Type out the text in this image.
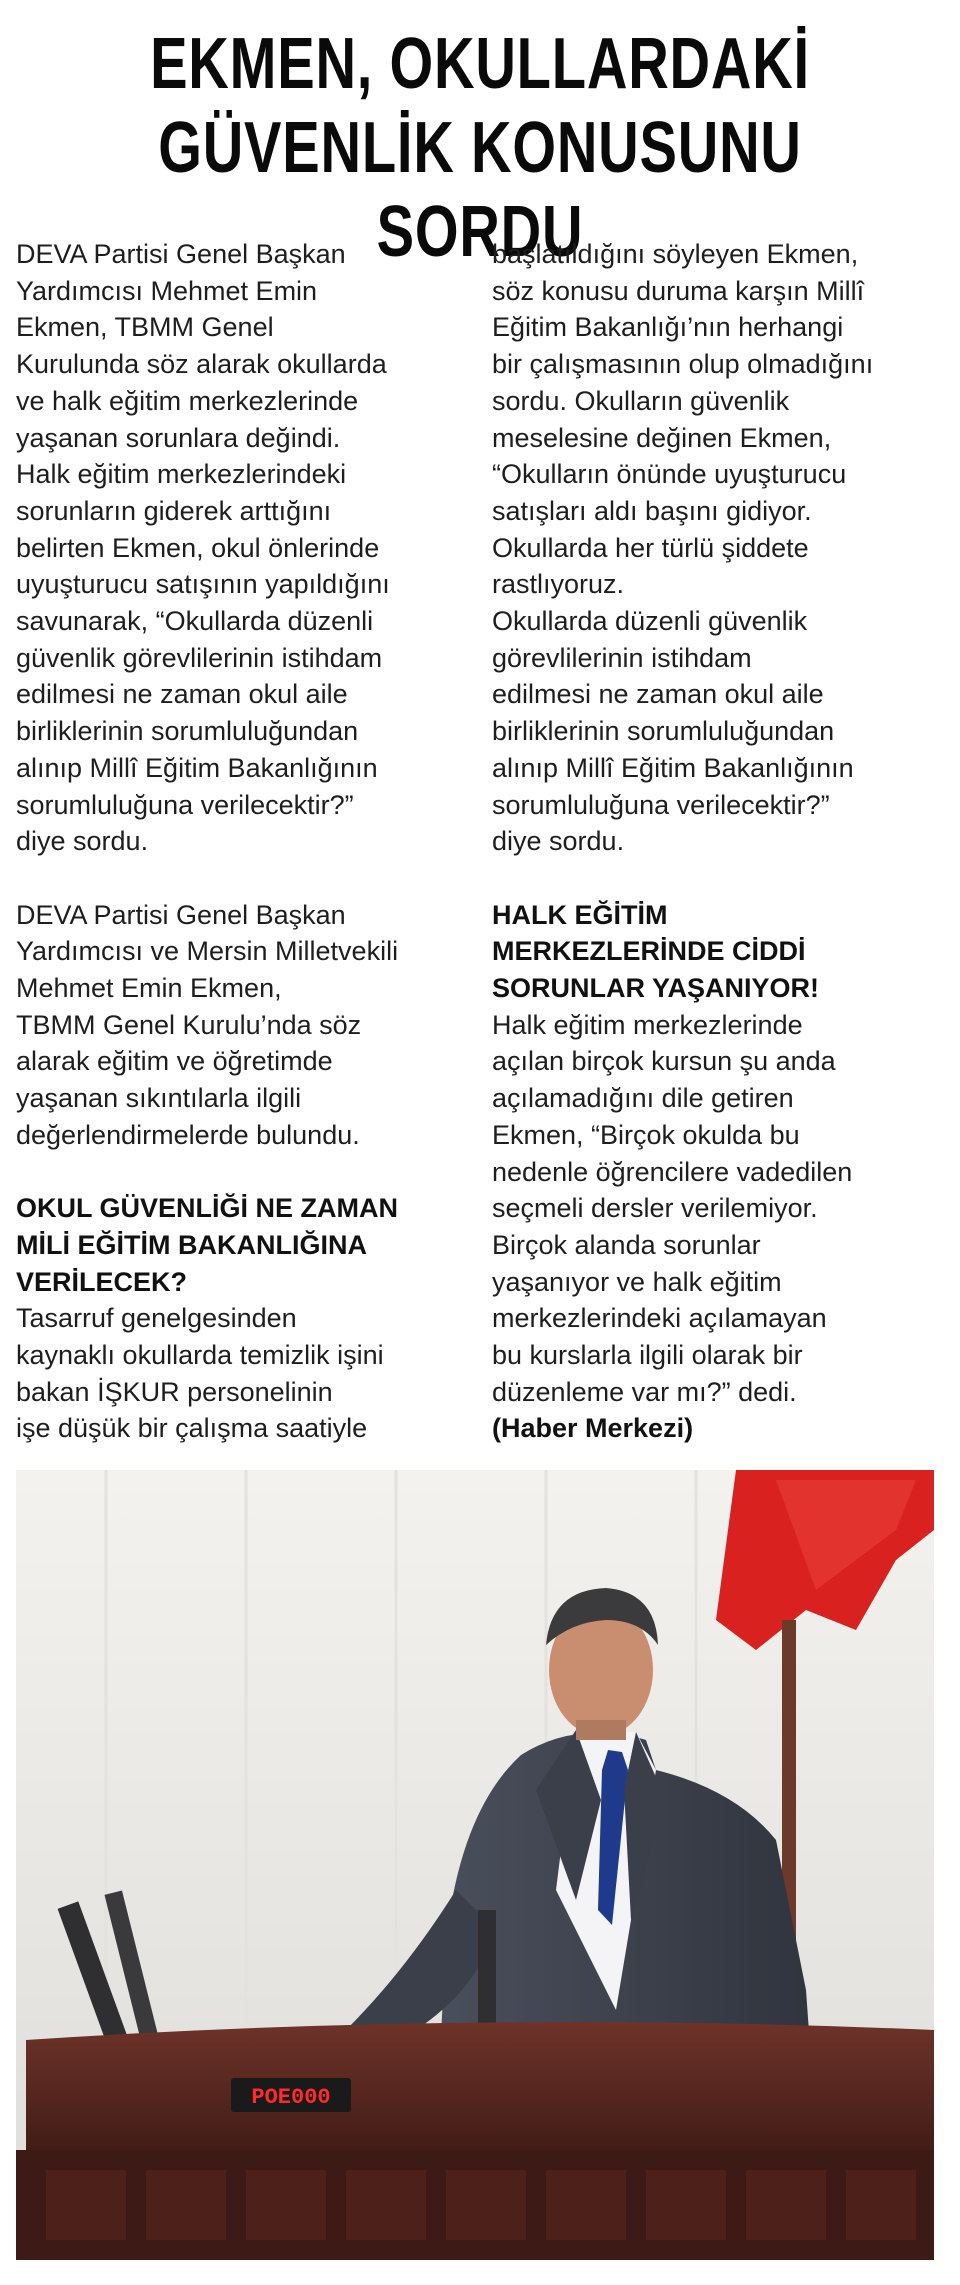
EKMEN, OKULLARDAKİ
GÜVENLİK KONUSUNU SORDU

DEVA Partisi Genel Başkan
Yardımcısı Mehmet Emin
Ekmen, TBMM Genel
Kurulunda söz alarak okullarda
ve halk eğitim merkezlerinde
yaşanan sorunlara değindi.
Halk eğitim merkezlerindeki
sorunların giderek arttığını
belirten Ekmen, okul önlerinde
uyuşturucu satışının yapıldığını
savunarak, “Okullarda düzenli
güvenlik görevlilerinin istihdam
edilmesi ne zaman okul aile
birliklerinin sorumluluğundan
alınıp Millî Eğitim Bakanlığının
sorumluluğuna verilecektir?”
diye sordu.

DEVA Partisi Genel Başkan
Yardımcısı ve Mersin Milletvekili
Mehmet Emin Ekmen,
TBMM Genel Kurulu’nda söz
alarak eğitim ve öğretimde
yaşanan sıkıntılarla ilgili
değerlendirmelerde bulundu.

OKUL GÜVENLİĞİ NE ZAMAN
MİLİ EĞİTİM BAKANLIĞINA
VERİLECEK?

Tasarruf genelgesinden
kaynaklı okullarda temizlik işini
bakan İŞKUR personelinin
işe düşük bir çalışma saatiyle

başlatıldığını söyleyen Ekmen,
söz konusu duruma karşın Millî
Eğitim Bakanlığı’nın herhangi
bir çalışmasının olup olmadığını
sordu. Okulların güvenlik
meselesine değinen Ekmen,
“Okulların önünde uyuşturucu
satışları aldı başını gidiyor.
Okullarda her türlü şiddete
rastlıyoruz.
Okullarda düzenli güvenlik
görevlilerinin istihdam
edilmesi ne zaman okul aile
birliklerinin sorumluluğundan
alınıp Millî Eğitim Bakanlığının
sorumluluğuna verilecektir?”
diye sordu.

HALK EĞİTİM
MERKEZLERİNDE CİDDİ
SORUNLAR YAŞANIYOR!

Halk eğitim merkezlerinde
açılan birçok kursun şu anda
açılamadığını dile getiren
Ekmen, “Birçok okulda bu
nedenle öğrencilere vadedilen
seçmeli dersler verilemiyor.
Birçok alanda sorunlar
yaşanıyor ve halk eğitim
merkezlerindeki açılamayan
bu kurslarla ilgili olarak bir
düzenleme var mı?” dedi.

(Haber Merkezi)

POE000
